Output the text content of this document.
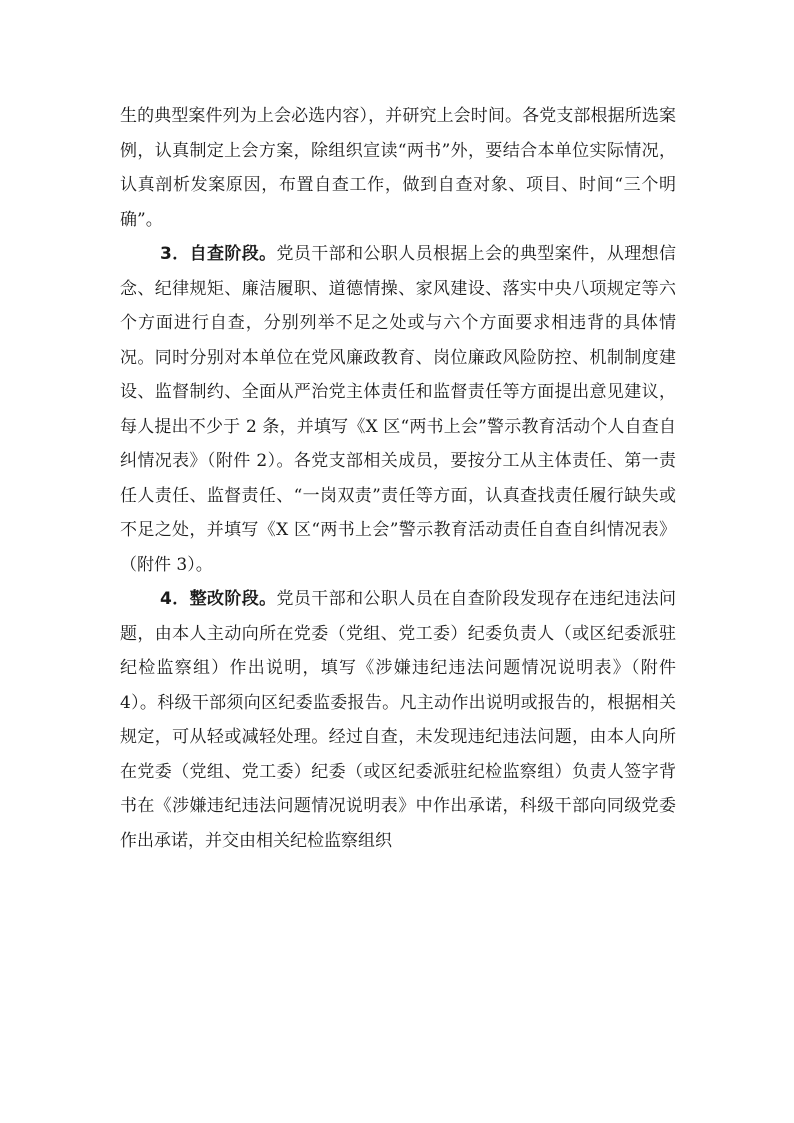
生的典型案件列为上会必选内容），并研究上会时间。各党支部根据所选案例，认真制定上会方案，除组织宣读“两书”外，要结合本单位实际情况，认真剖析发案原因，布置自查工作，做到自查对象、项目、时间“三个明确”。

3．自查阶段。党员干部和公职人员根据上会的典型案件，从理想信念、纪律规矩、廉洁履职、道德情操、家风建设、落实中央八项规定等六个方面进行自查，分别列举不足之处或与六个方面要求相违背的具体情况。同时分别对本单位在党风廉政教育、岗位廉政风险防控、机制制度建设、监督制约、全面从严治党主体责任和监督责任等方面提出意见建议，每人提出不少于 2 条，并填写《X 区“两书上会”警示教育活动个人自查自纠情况表》（附件 2）。各党支部相关成员，要按分工从主体责任、第一责任人责任、监督责任、“一岗双责”责任等方面，认真查找责任履行缺失或不足之处，并填写《X 区“两书上会”警示教育活动责任自查自纠情况表》（附件 3）。

4．整改阶段。党员干部和公职人员在自查阶段发现存在违纪违法问题，由本人主动向所在党委（党组、党工委）纪委负责人（或区纪委派驻纪检监察组）作出说明，填写《涉嫌违纪违法问题情况说明表》（附件 4）。科级干部须向区纪委监委报告。凡主动作出说明或报告的，根据相关规定，可从轻或减轻处理。经过自查，未发现违纪违法问题，由本人向所在党委（党组、党工委）纪委（或区纪委派驻纪检监察组）负责人签字背书在《涉嫌违纪违法问题情况说明表》中作出承诺，科级干部向同级党委作出承诺，并交由相关纪检监察组织
